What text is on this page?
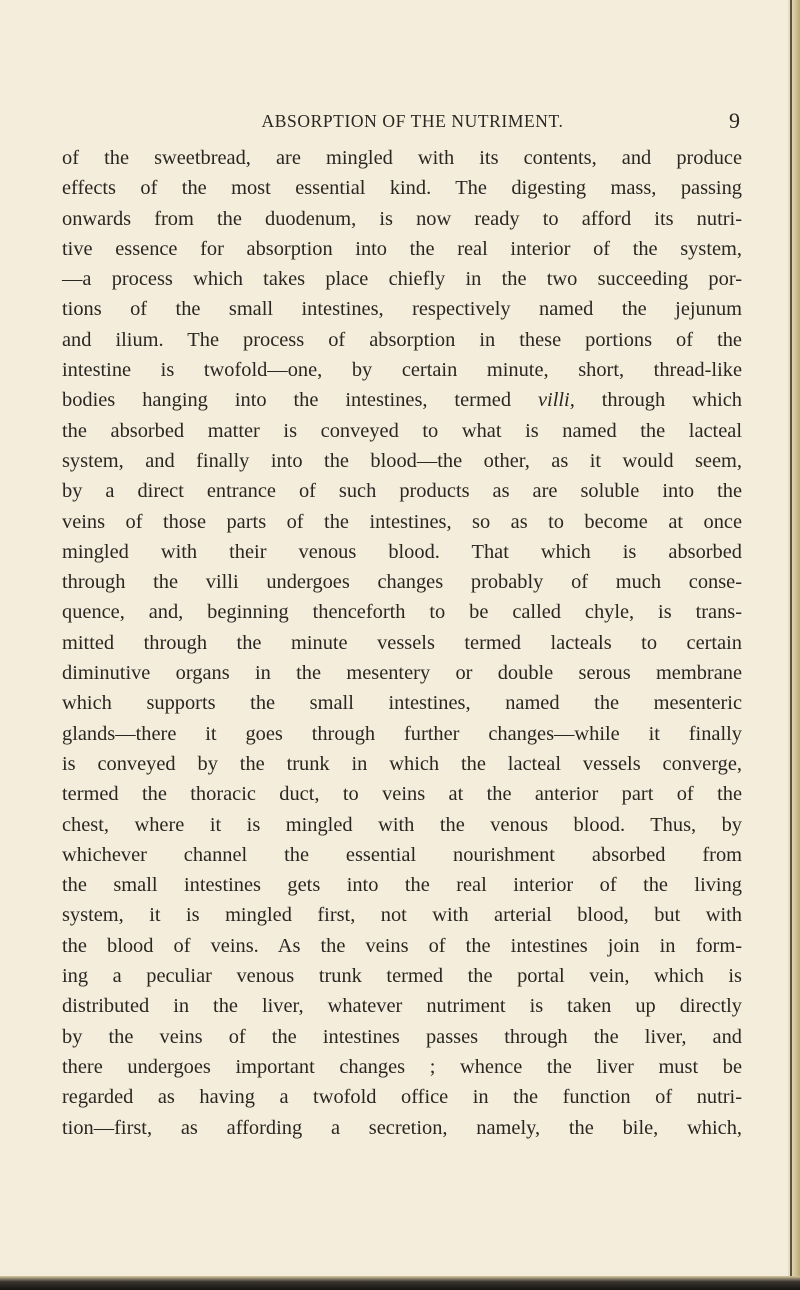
ABSORPTION OF THE NUTRIMENT.	9
of the sweetbread, are mingled with its contents, and produce
effects of the most essential kind. The digesting mass, passing
onwards from the duodenum, is now ready to afford its nutri-
tive essence for absorption into the real interior of the system,
—a process which takes place chiefly in the two succeeding por-
tions of the small intestines, respectively named the jejunum
and ilium. The process of absorption in these portions of the
intestine is twofold—one, by certain minute, short, thread-like
bodies hanging into the intestines, termed villi, through which
the absorbed matter is conveyed to what is named the lacteal
system, and finally into the blood—the other, as it would seem,
by a direct entrance of such products as are soluble into the
veins of those parts of the intestines, so as to become at once
mingled with their venous blood. That which is absorbed
through the villi undergoes changes probably of much conse-
quence, and, beginning thenceforth to be called chyle, is trans-
mitted through the minute vessels termed lacteals to certain
diminutive organs in the mesentery or double serous membrane
which supports the small intestines, named the mesenteric
glands—there it goes through further changes—while it finally
is conveyed by the trunk in which the lacteal vessels converge,
termed the thoracic duct, to veins at the anterior part of the
chest, where it is mingled with the venous blood. Thus, by
whichever channel the essential nourishment absorbed from
the small intestines gets into the real interior of the living
system, it is mingled first, not with arterial blood, but with
the blood of veins. As the veins of the intestines join in form-
ing a peculiar venous trunk termed the portal vein, which is
distributed in the liver, whatever nutriment is taken up directly
by the veins of the intestines passes through the liver, and
there undergoes important changes ; whence the liver must be
regarded as having a twofold office in the function of nutri-
tion—first, as affording a secretion, namely, the bile, which,
